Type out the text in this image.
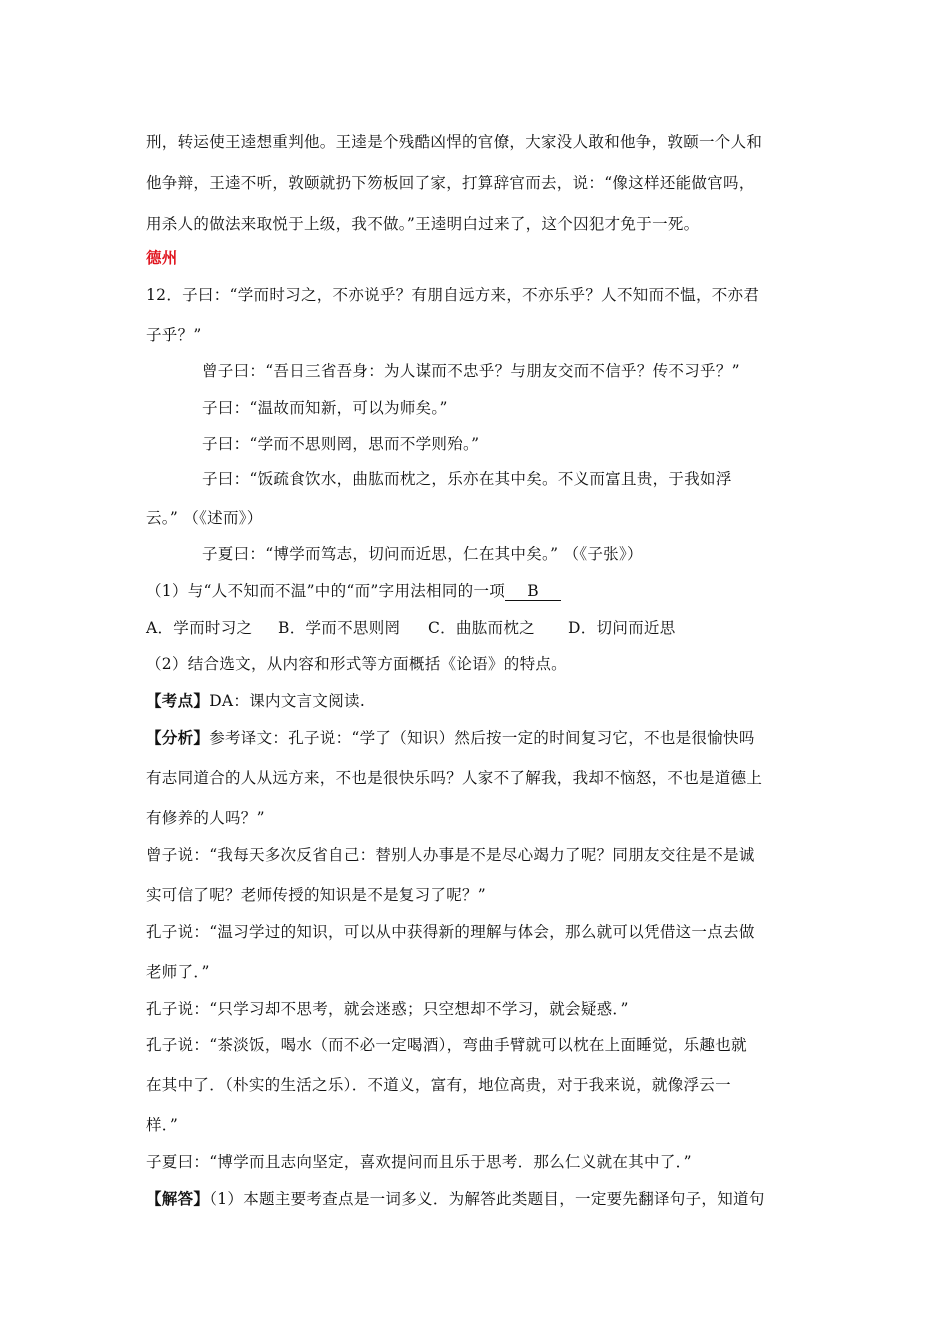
刑，转运使王逵想重判他。王逵是个残酷凶悍的官僚，大家没人敢和他争，敦颐一个人和
他争辩，王逵不听，敦颐就扔下笏板回了家，打算辞官而去，说：“像这样还能做官吗，
用杀人的做法来取悦于上级，我不做。”王逵明白过来了，这个囚犯才免于一死。
德州
12．子曰：“学而时习之，不亦说乎？有朋自远方来，不亦乐乎？人不知而不愠，不亦君
子乎？”
曾子曰：“吾日三省吾身：为人谋而不忠乎？与朋友交而不信乎？传不习乎？”
子曰：“温故而知新，可以为师矣。”
子曰：“学而不思则罔，思而不学则殆。”
子曰：“饭疏食饮水，曲肱而枕之，乐亦在其中矣。不义而富且贵，于我如浮
云。” （《述而》）
子夏曰：“博学而笃志，切问而近思，仁在其中矣。” （《子张》）
（1）与“人不知而不温”中的“而”字用法相同的一项 B
A．学而时习之 B．学而不思则罔 C．曲肱而枕之 D．切问而近思
（2）结合选文，从内容和形式等方面概括《论语》的特点。
【考点】DA：课内文言文阅读.
【分析】参考译文：孔子说：“学了（知识）然后按一定的时间复习它，不也是很愉快吗
有志同道合的人从远方来，不也是很快乐吗？人家不了解我，我却不恼怒，不也是道德上
有修养的人吗？”
曾子说：“我每天多次反省自己：替别人办事是不是尽心竭力了呢？同朋友交往是不是诚
实可信了呢？老师传授的知识是不是复习了呢？”
孔子说：“温习学过的知识，可以从中获得新的理解与体会，那么就可以凭借这一点去做
老师了．”
孔子说：“只学习却不思考，就会迷惑；只空想却不学习，就会疑惑．”
孔子说：“茶淡饭，喝水（而不必一定喝酒），弯曲手臂就可以枕在上面睡觉，乐趣也就
在其中了．（朴实的生活之乐）．不道义，富有，地位高贵，对于我来说，就像浮云一
样．”
子夏曰：“博学而且志向坚定，喜欢提问而且乐于思考．那么仁义就在其中了．”
【解答】（1）本题主要考查点是一词多义．为解答此类题目，一定要先翻译句子，知道句
